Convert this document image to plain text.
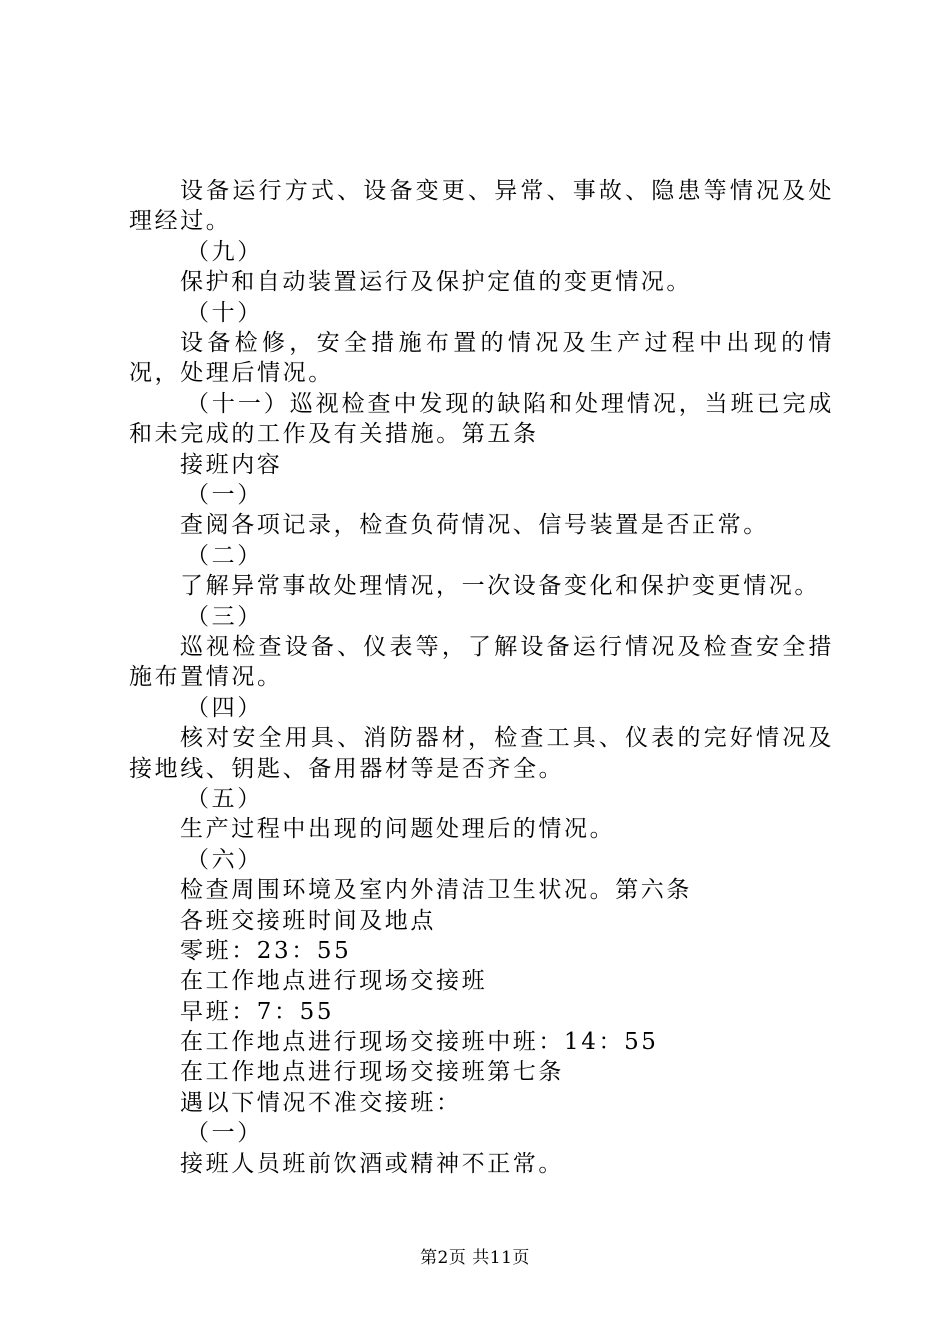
设备运行方式、设备变更、异常、事故、隐患等情况及处理经过。
（九）
保护和自动装置运行及保护定值的变更情况。
（十）
设备检修，安全措施布置的情况及生产过程中出现的情况，处理后情况。
（十一）巡视检查中发现的缺陷和处理情况，当班已完成和未完成的工作及有关措施。第五条
接班内容
（一）
查阅各项记录，检查负荷情况、信号装置是否正常。
（二）
了解异常事故处理情况，一次设备变化和保护变更情况。
（三）
巡视检查设备、仪表等，了解设备运行情况及检查安全措施布置情况。
（四）
核对安全用具、消防器材，检查工具、仪表的完好情况及接地线、钥匙、备用器材等是否齐全。
（五）
生产过程中出现的问题处理后的情况。
（六）
检查周围环境及室内外清洁卫生状况。第六条
各班交接班时间及地点
零班：23：55
在工作地点进行现场交接班
早班：7：55
在工作地点进行现场交接班中班：14：55
在工作地点进行现场交接班第七条
遇以下情况不准交接班：
（一）
接班人员班前饮酒或精神不正常。
第2页 共11页
